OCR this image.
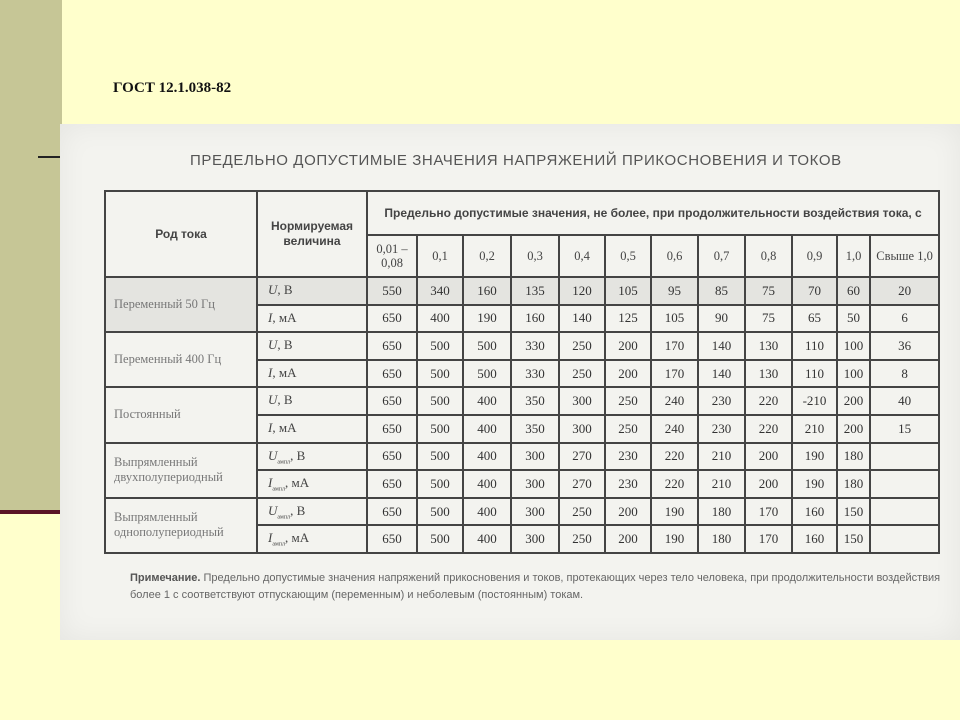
ГОСТ 12.1.038-82
ПРЕДЕЛЬНО ДОПУСТИМЫЕ ЗНАЧЕНИЯ НАПРЯЖЕНИЙ ПРИКОСНОВЕНИЯ И ТОКОВ
Род тока	Нормируемая величина	Предельно допустимые значения, не более, при продолжительности воздействия тока, с											
		0,01 – 0,08	0,1	0,2	0,3	0,4	0,5	0,6	0,7	0,8	0,9	1,0	Свыше 1,0
Переменный 50 Гц	U, В	550	340	160	135	120	105	95	85	75	70	60	20
	I, мА	650	400	190	160	140	125	105	90	75	65	50	6
Переменный 400 Гц	U, В	650	500	500	330	250	200	170	140	130	110	100	36
	I, мА	650	500	500	330	250	200	170	140	130	110	100	8
Постоянный	U, В	650	500	400	350	300	250	240	230	220	-210	200	40
	I, мА	650	500	400	350	300	250	240	230	220	210	200	15
Выпрямленный двухполупериодный	$U_{ампл}$, В	650	500	400	300	270	230	220	210	200	190	180	
	$I_{ампл}$, мА	650	500	400	300	270	230	220	210	200	190	180	
Выпрямленный однополупериодный	$U_{ампл}$, В	650	500	400	300	250	200	190	180	170	160	150	
	$I_{ампл}$, мА	650	500	400	300	250	200	190	180	170	160	150	
Примечание. Предельно допустимые значения напряжений прикосновения и токов, протекающих через тело человека, при продолжительности воздействия более 1 с соответствуют отпускающим (переменным) и неболевым (постоянным) токам.
